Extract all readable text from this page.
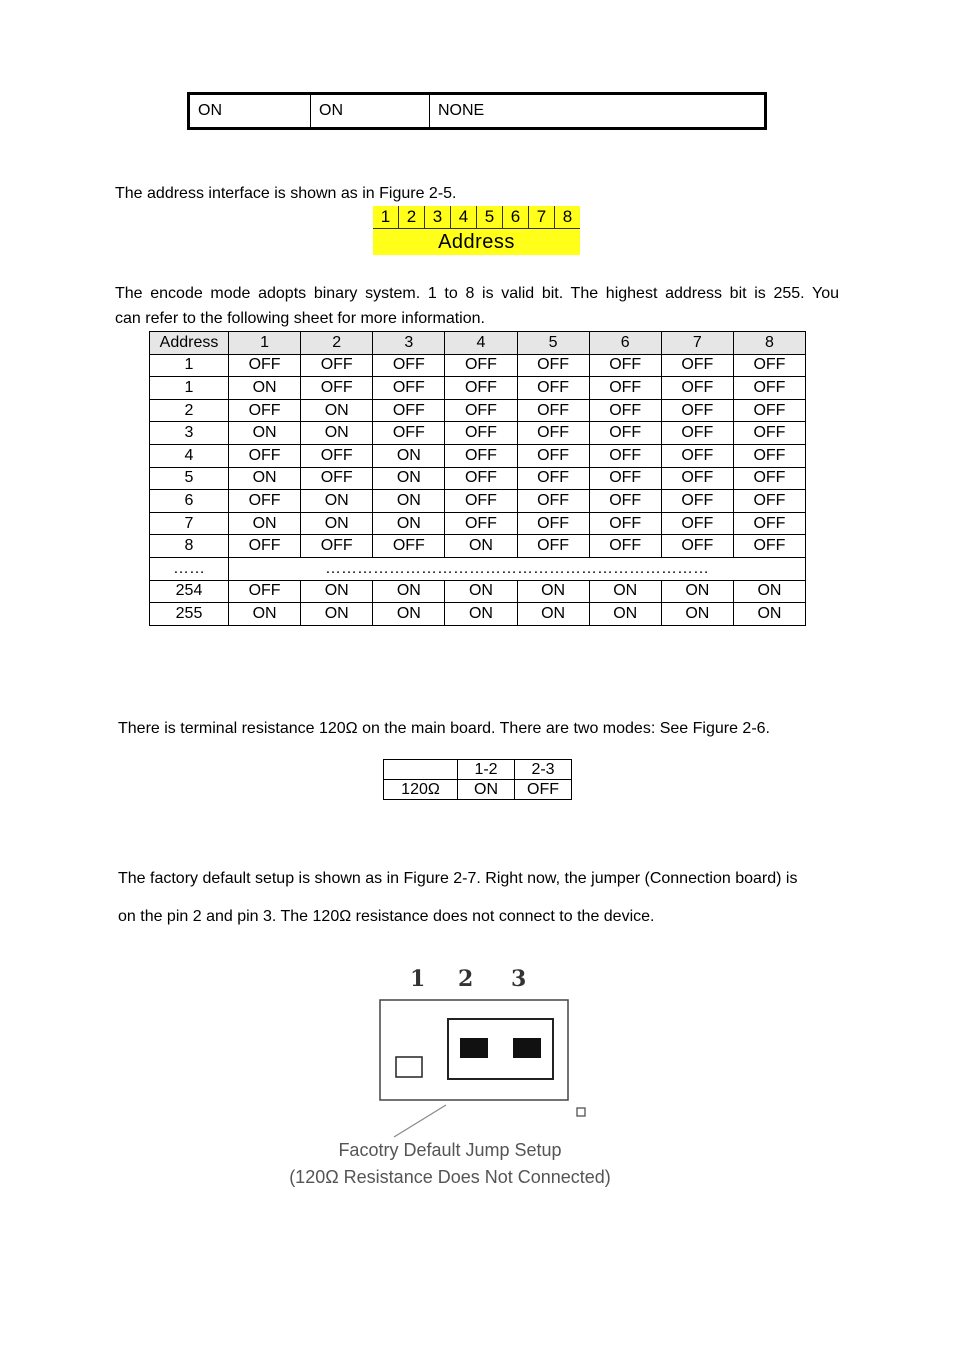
ON	ON	NONE
The address interface is shown as in Figure 2-5.
1 2 3 4 5 6 7 8
Address
The encode mode adopts binary system. 1 to 8 is valid bit. The highest address bit is 255. You
can refer to the following sheet for more information.
Address	1	2	3	4	5	6	7	8
1	OFF	OFF	OFF	OFF	OFF	OFF	OFF	OFF
1	ON	OFF	OFF	OFF	OFF	OFF	OFF	OFF
2	OFF	ON	OFF	OFF	OFF	OFF	OFF	OFF
3	ON	ON	OFF	OFF	OFF	OFF	OFF	OFF
4	OFF	OFF	ON	OFF	OFF	OFF	OFF	OFF
5	ON	OFF	ON	OFF	OFF	OFF	OFF	OFF
6	OFF	ON	ON	OFF	OFF	OFF	OFF	OFF
7	ON	ON	ON	OFF	OFF	OFF	OFF	OFF
8	OFF	OFF	OFF	ON	OFF	OFF	OFF	OFF
……	………………………………………………………………							
254	OFF	ON	ON	ON	ON	ON	ON	ON
255	ON	ON	ON	ON	ON	ON	ON	ON
There is terminal resistance 120Ω on the main board. There are two modes: See Figure 2-6.
	1-2	2-3
120Ω	ON	OFF
The factory default setup is shown as in Figure 2-7. Right now, the jumper (Connection board) is
on the pin 2 and pin 3. The 120Ω resistance does not connect to the device.
1 2 3
Facotry Default Jump Setup
(120Ω Resistance Does Not Connected)
